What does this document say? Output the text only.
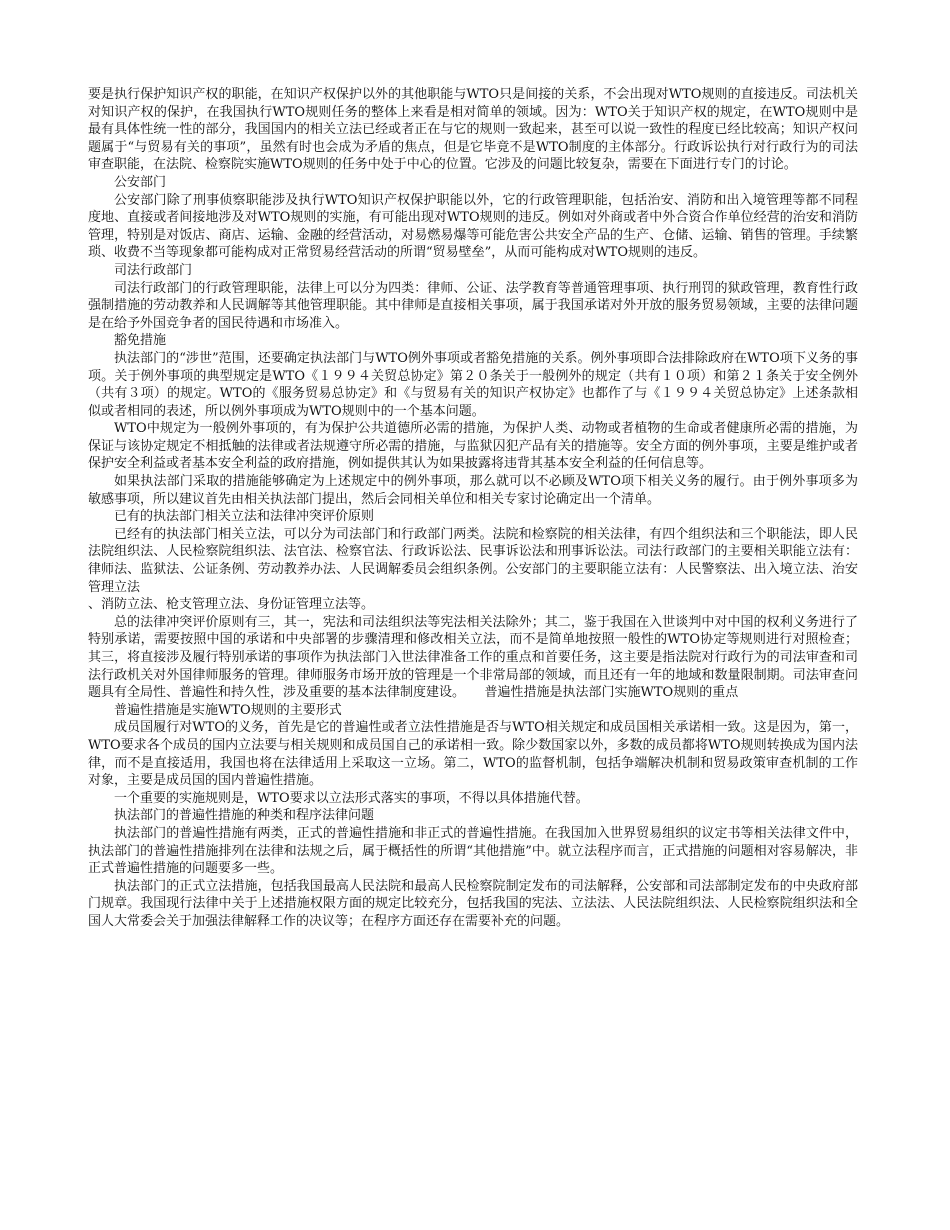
要是执行保护知识产权的职能，在知识产权保护以外的其他职能与WTO只是间接的关系，不会出现对WTO规则的直接违反。司法机关对知识产权的保护，在我国执行WTO规则任务的整体上来看是相对简单的领域。因为：WTO关于知识产权的规定，在WTO规则中是最有具体性统一性的部分，我国国内的相关立法已经或者正在与它的规则一致起来，甚至可以说一致性的程度已经比较高；知识产权问题属于“与贸易有关的事项”，虽然有时也会成为矛盾的焦点，但是它毕竟不是WTO制度的主体部分。行政诉讼执行对行政行为的司法审查职能，在法院、检察院实施WTO规则的任务中处于中心的位置。它涉及的问题比较复杂，需要在下面进行专门的讨论。

公安部门

公安部门除了刑事侦察职能涉及执行WTO知识产权保护职能以外，它的行政管理职能，包括治安、消防和出入境管理等都不同程度地、直接或者间接地涉及对WTO规则的实施，有可能出现对WTO规则的违反。例如对外商或者中外合资合作单位经营的治安和消防管理，特别是对饭店、商店、运输、金融的经营活动，对易燃易爆等可能危害公共安全产品的生产、仓储、运输、销售的管理。手续繁琐、收费不当等现象都可能构成对正常贸易经营活动的所谓“贸易壁垒”，从而可能构成对WTO规则的违反。

司法行政部门

司法行政部门的行政管理职能，法律上可以分为四类：律师、公证、法学教育等普通管理事项、执行刑罚的狱政管理，教育性行政强制措施的劳动教养和人民调解等其他管理职能。其中律师是直接相关事项，属于我国承诺对外开放的服务贸易领域，主要的法律问题是在给予外国竞争者的国民待遇和市场准入。

豁免措施

执法部门的“涉世”范围，还要确定执法部门与WTO例外事项或者豁免措施的关系。例外事项即合法排除政府在WTO项下义务的事项。关于例外事项的典型规定是WTO《１９９４关贸总协定》第２０条关于一般例外的规定（共有１０项）和第２１条关于安全例外（共有３项）的规定。WTO的《服务贸易总协定》和《与贸易有关的知识产权协定》也都作了与《１９９４关贸总协定》上述条款相似或者相同的表述，所以例外事项成为WTO规则中的一个基本问题。

WTO中规定为一般例外事项的，有为保护公共道德所必需的措施，为保护人类、动物或者植物的生命或者健康所必需的措施，为保证与该协定规定不相抵触的法律或者法规遵守所必需的措施，与监狱囚犯产品有关的措施等。安全方面的例外事项，主要是维护或者保护安全利益或者基本安全利益的政府措施，例如提供其认为如果披露将违背其基本安全利益的任何信息等。

如果执法部门采取的措施能够确定为上述规定中的例外事项，那么就可以不必顾及WTO项下相关义务的履行。由于例外事项多为敏感事项，所以建议首先由相关执法部门提出，然后会同相关单位和相关专家讨论确定出一个清单。

已有的执法部门相关立法和法律冲突评价原则

已经有的执法部门相关立法，可以分为司法部门和行政部门两类。法院和检察院的相关法律，有四个组织法和三个职能法，即人民法院组织法、人民检察院组织法、法官法、检察官法、行政诉讼法、民事诉讼法和刑事诉讼法。司法行政部门的主要相关职能立法有：律师法、监狱法、公证条例、劳动教养办法、人民调解委员会组织条例。公安部门的主要职能立法有：人民警察法、出入境立法、治安管理立法

、消防立法、枪支管理立法、身份证管理立法等。

总的法律冲突评价原则有三，其一，宪法和司法组织法等宪法相关法除外；其二，鉴于我国在入世谈判中对中国的权利义务进行了特别承诺，需要按照中国的承诺和中央部署的步骤清理和修改相关立法，而不是简单地按照一般性的WTO协定等规则进行对照检查；其三，将直接涉及履行特别承诺的事项作为执法部门入世法律准备工作的重点和首要任务，这主要是指法院对行政行为的司法审查和司法行政机关对外国律师服务的管理。律师服务市场开放的管理是一个非常局部的领域，而且还有一年的地域和数量限制期。司法审查问题具有全局性、普遍性和持久性，涉及重要的基本法律制度建设。　　普遍性措施是执法部门实施WTO规则的重点

普遍性措施是实施WTO规则的主要形式

成员国履行对WTO的义务，首先是它的普遍性或者立法性措施是否与WTO相关规定和成员国相关承诺相一致。这是因为，第一，WTO要求各个成员的国内立法要与相关规则和成员国自己的承诺相一致。除少数国家以外，多数的成员都将WTO规则转换成为国内法律，而不是直接适用，我国也将在法律适用上采取这一立场。第二，WTO的监督机制，包括争端解决机制和贸易政策审查机制的工作对象，主要是成员国的国内普遍性措施。

一个重要的实施规则是，WTO要求以立法形式落实的事项，不得以具体措施代替。

执法部门的普遍性措施的种类和程序法律问题

执法部门的普遍性措施有两类，正式的普遍性措施和非正式的普遍性措施。在我国加入世界贸易组织的议定书等相关法律文件中，执法部门的普遍性措施排列在法律和法规之后，属于概括性的所谓“其他措施”中。就立法程序而言，正式措施的问题相对容易解决，非正式普遍性措施的问题要多一些。

执法部门的正式立法措施，包括我国最高人民法院和最高人民检察院制定发布的司法解释，公安部和司法部制定发布的中央政府部门规章。我国现行法律中关于上述措施权限方面的规定比较充分，包括我国的宪法、立法法、人民法院组织法、人民检察院组织法和全国人大常委会关于加强法律解释工作的决议等；在程序方面还存在需要补充的问题。
